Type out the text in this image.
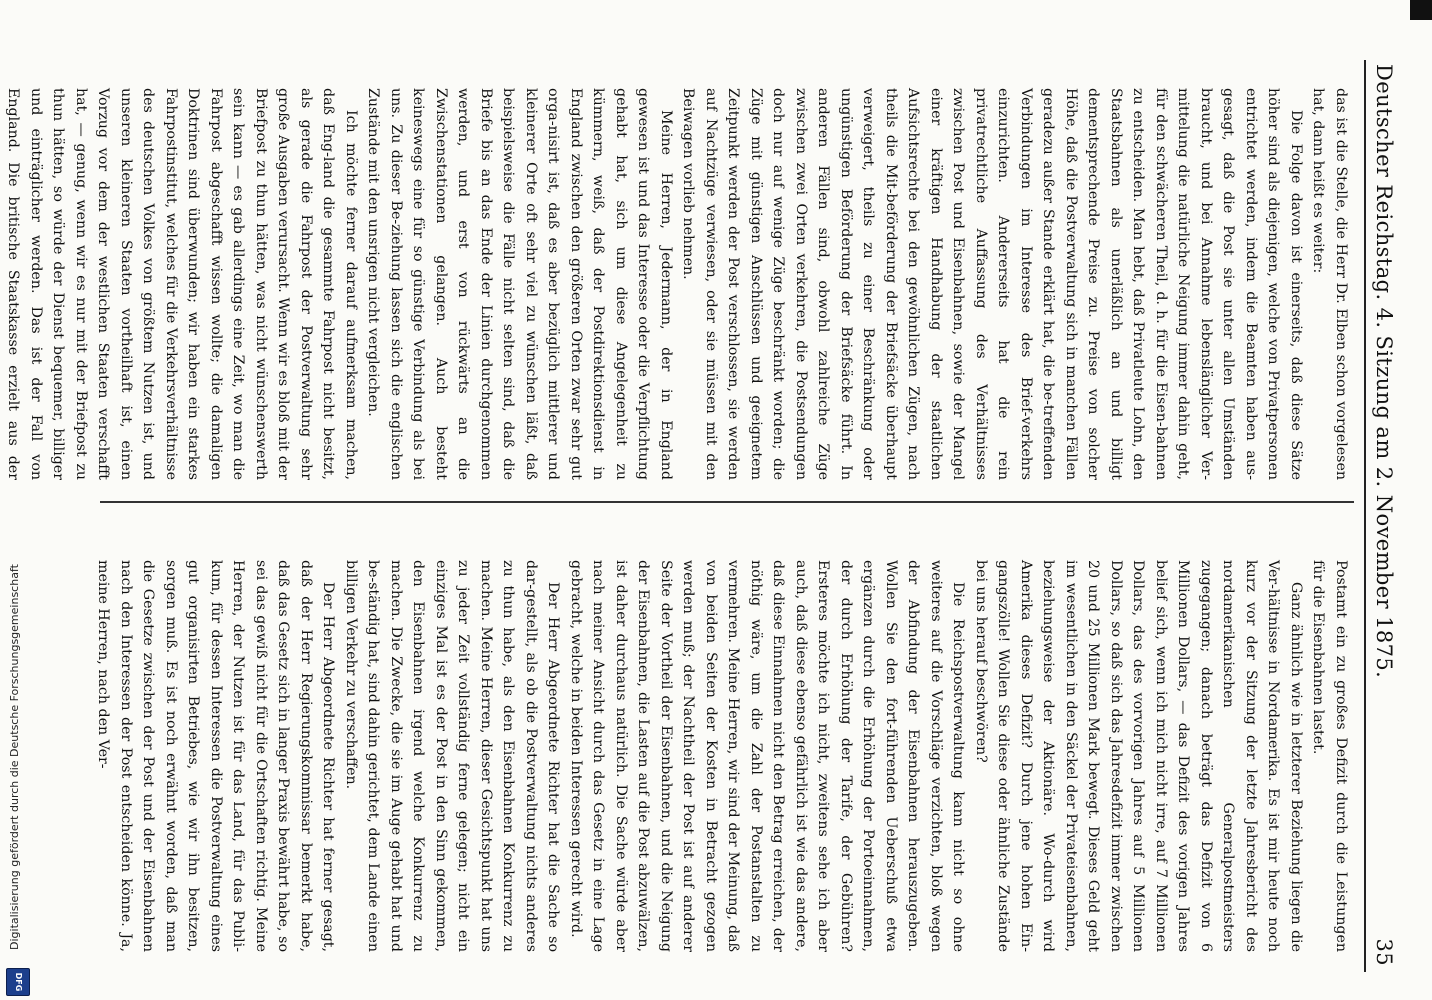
Deutscher Reichstag. 4. Sitzung am 2. November 1875.
35

das ist die Stelle, die Herr Dr. Elben schon vorgelesen hat, dann heißt es weiter:

Die Folge davon ist einerseits, daß diese Sätze höher sind als diejenigen, welche von Privatpersonen entrichtet werden, indem die Beamten haben aus-gesagt, daß die Post sie unter allen Umständen braucht, und bei Annahme lebenslänglicher Ver-mittelung die natürliche Neigung immer dahin geht, für den schwächeren Theil, d. h. für die Eisen-bahnen zu entscheiden. Man hebt, daß Privatleute Lohn, den Staatsbahnen als unerläßlich an und billigt dementsprechende Preise zu. Preise von solcher Höhe, daß die Postverwaltung sich in manchen Fällen geradezu außer Stande erklärt hat, die be-treffenden Verbindungen im Interesse des Brief-verkehrs einzurichten. Andererseits hat die rein privatrechtliche Auffassung des Verhältnisses zwischen Post und Eisenbahnen, sowie der Mangel einer kräftigen Handhabung der staatlichen Aufsichtsrechte bei den gewöhnlichen Zügen, nach theils die Mit-beförderung der Briefsäcke überhaupt verweigert, theils zu einer Beschränkung oder ungünstigen Beförderung der Briefsäcke führt. In anderen Fällen sind, obwohl zahlreiche Züge zwischen zwei Orten verkehren, die Postsendungen doch nur auf wenige Züge beschränkt worden; die Züge mit günstigen Anschlüssen und geeignetem Zeitpunkt werden der Post verschlossen, sie werden auf Nachtzüge verwiesen, oder sie müssen mit den Beiwagen vorlieb nehmen.

Meine Herren, Jedermann, der in England gewesen ist und das Interesse oder die Verpflichtung gehabt hat, sich um diese Angelegenheit zu kümmern, weiß, daß der Postdirektionsdienst in England zwischen den größeren Orten zwar sehr gut orga-nisirt ist, daß es aber bezüglich mittlerer und kleinerer Orte oft sehr viel zu wünschen läßt, daß beispielsweise die Fälle nicht selten sind, daß die Briefe bis an das Ende der Linien durchgenommen werden, und erst von rückwärts an die Zwischenstationen gelangen. Auch besteht keineswegs eine für so günstige Verbindung als bei uns. Zu dieser Be-ziehung lassen sich die englischen Zustände mit den unsrigen nicht vergleichen.

Ich möchte ferner darauf aufmerksam machen, daß Eng-land die gesammte Fahrpost nicht besitzt, als gerade die Fahrpost der Postverwaltung sehr große Ausgaben verursacht. Wenn wir es bloß mit der Briefpost zu thun hätten, was nicht wünschenswerth sein kann — es gab allerdings eine Zeit, wo man die Fahrpost abgeschafft wissen wollte; die damaligen Doktrinen sind überwunden; wir haben ein starkes Fahrpostinstitut, welches für die Verkehrsverhältnisse des deutschen Volkes von größtem Nutzen ist, und unseren kleineren Staaten vortheilhaft ist, einen Vorzug vor dem der westlichen Staaten verschafft hat, — genug, wenn wir es nur mit der Briefpost zu thun hätten, so würde der Dienst bequemer, billiger und einträglicher werden. Das ist der Fall von England. Die britische Staatskasse erzielt aus der

Postamt ein zu großes Defizit durch die Leistungen für die Eisenbahnen lastet.

Ganz ähnlich wie in letzterer Beziehung liegen die Ver-hältnisse in Nordamerika. Es ist mir heute noch kurz vor der Sitzung der letzte Jahresbericht des nordamerikanischen Generalpostmeisters zugegangen; danach beträgt das Defizit von 6 Millionen Dollars, — das Defizit des vorigen Jahres belief sich, wenn ich mich nicht irre, auf 7 Millionen Dollars, das des vorvorigen Jahres auf 5 Millionen Dollars, so daß sich das Jahresdefizit immer zwischen 20 und 25 Millionen Mark bewegt. Dieses Geld geht im wesentlichen in den Säckel der Privateisenbahnen, beziehungsweise der Aktionäre. Wo-durch wird Amerika dieses Defizit? Durch jene hohen Ein-gangszölle! Wollen Sie diese oder ähnliche Zustände bei uns herauf beschwören?

Die Reichspostverwaltung kann nicht so ohne weiteres auf die Vorschläge verzichten, bloß wegen der Abfindung der Eisenbahnen herauszugeben. Wollen Sie den fort-führenden Ueberschuß etwa ergänzen durch die Erhöhung der Portoeinnahmen, der durch Erhöhung der Tarife, der Gebühren? Ersteres möchte ich nicht, zweitens sehe ich aber auch, daß diese ebenso gefährlich ist wie das andere, daß diese Einnahmen nicht den Betrag erreichen, der nöthig wäre, um die Zahl der Postanstalten zu vermehren. Meine Herren, wir sind der Meinung, daß von beiden Seiten der Kosten in Betracht gezogen werden muß; der Nachtheil der Post ist auf anderer Seite der Vortheil der Eisenbahnen, und die Neigung der Eisenbahnen, die Lasten auf die Post abzuwälzen, ist daher durchaus natürlich. Die Sache würde aber nach meiner Ansicht durch das Gesetz in eine Lage gebracht, welche in beiden Interessen gerecht wird.

Der Herr Abgeordnete Richter hat die Sache so dar-gestellt, als ob die Postverwaltung nichts anderes zu thun habe, als den Eisenbahnen Konkurrenz zu machen. Meine Herren, dieser Gesichtspunkt hat uns zu jeder Zeit vollständig ferne gelegen; nicht ein einziges Mal ist es der Post in den Sinn gekommen, den Eisenbahnen irgend welche Konkurrenz zu machen. Die Zwecke, die sie im Auge gehabt hat und be-ständig hat, sind dahin gerichtet, dem Lande einen billigen Verkehr zu verschaffen.

Der Herr Abgeordnete Richter hat ferner gesagt, daß der Herr Regierungskommissar bemerkt habe, daß das Gesetz sich in langer Praxis bewährt habe, so sei das gewiß nicht für die Ortschaften richtig. Meine Herren, der Nutzen ist für das Land, für das Publi-kum, für dessen Interessen die Postverwaltung eines gut organisirten Betriebes, wie wir ihn besitzen, sorgen muß. Es ist noch erwähnt worden, daß man die Gesetze zwischen der Post und der Eisenbahnen nach den Interessen der Post entscheiden könne. Ja, meine Herren, nach den Ver-

Digitalisierung gefördert durch die Deutsche Forschungsgemeinschaft
DFG
